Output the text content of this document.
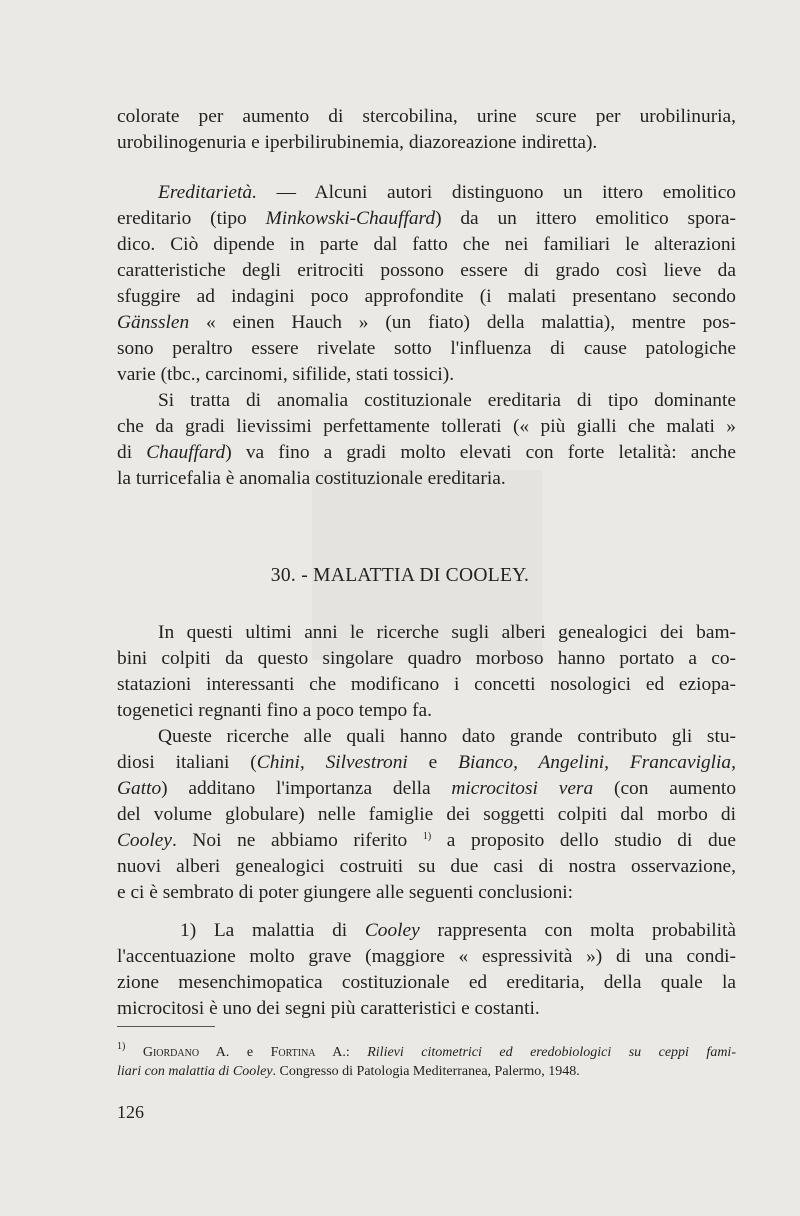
colorate per aumento di stercobilina, urine scure per urobilinuria,
urobilinogenuria e iperbilirubinemia, diazoreazione indiretta).
Ereditarietà. — Alcuni autori distinguono un ittero emolitico
ereditario (tipo Minkowski-Chauffard) da un ittero emolitico spora-
dico. Ciò dipende in parte dal fatto che nei familiari le alterazioni
caratteristiche degli eritrociti possono essere di grado così lieve da
sfuggire ad indagini poco approfondite (i malati presentano secondo
Gänsslen « einen Hauch » (un fiato) della malattia), mentre pos-
sono peraltro essere rivelate sotto l'influenza di cause patologiche
varie (tbc., carcinomi, sifilide, stati tossici).
Si tratta di anomalia costituzionale ereditaria di tipo dominante
che da gradi lievissimi perfettamente tollerati (« più gialli che malati »
di Chauffard) va fino a gradi molto elevati con forte letalità: anche
la turricefalia è anomalia costituzionale ereditaria.
30. - MALATTIA DI COOLEY.
In questi ultimi anni le ricerche sugli alberi genealogici dei bam-
bini colpiti da questo singolare quadro morboso hanno portato a co-
statazioni interessanti che modificano i concetti nosologici ed eziopa-
togenetici regnanti fino a poco tempo fa.
Queste ricerche alle quali hanno dato grande contributo gli stu-
diosi italiani (Chini, Silvestroni e Bianco, Angelini, Francaviglia,
Gatto) additano l'importanza della microcitosi vera (con aumento
del volume globulare) nelle famiglie dei soggetti colpiti dal morbo di
Cooley. Noi ne abbiamo riferito $^{1)}$ a proposito dello studio di due
nuovi alberi genealogici costruiti su due casi di nostra osservazione,
e ci è sembrato di poter giungere alle seguenti conclusioni:
1) La malattia di Cooley rappresenta con molta probabilità
l'accentuazione molto grave (maggiore « espressività ») di una condi-
zione mesenchimopatica costituzionale ed ereditaria, della quale la
microcitosi è uno dei segni più caratteristici e costanti.
$^{1)}$ Giordano A. e Fortina A.: Rilievi citometrici ed eredobiologici su ceppi fami-
liari con malattia di Cooley. Congresso di Patologia Mediterranea, Palermo, 1948.
126
